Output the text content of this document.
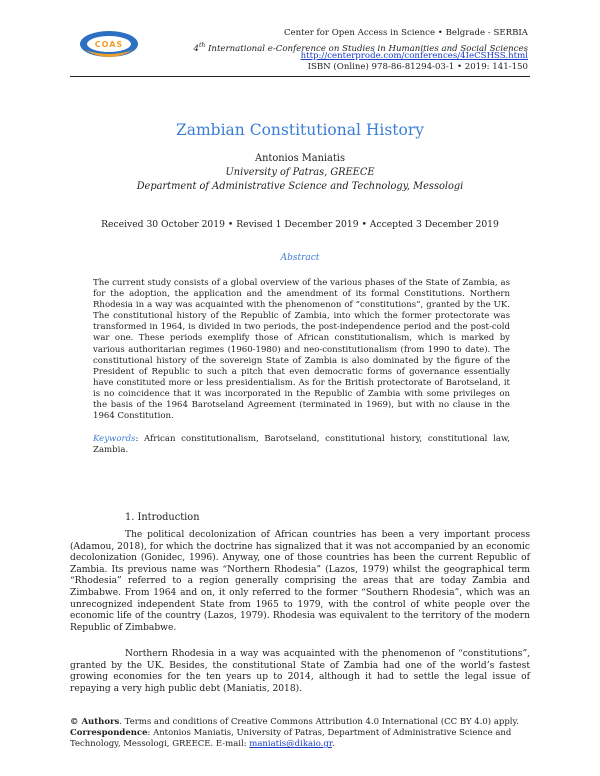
COAS
Center for Open Access in Science • Belgrade - SERBIA
4th International e-Conference on Studies in Humanities and Social Sciences
http://centerprode.com/conferences/4IeCSHSS.html
ISBN (Online) 978-86-81294-03-1 • 2019: 141-150
Zambian Constitutional History
Antonios Maniatis
University of Patras, GREECE
Department of Administrative Science and Technology, Messologi
Received 30 October 2019 • Revised 1 December 2019 • Accepted 3 December 2019
Abstract
The current study consists of a global overview of the various phases of the State of Zambia, as for the adoption, the application and the amendment of its formal Constitutions. Northern Rhodesia in a way was acquainted with the phenomenon of “constitutions”, granted by the UK. The constitutional history of the Republic of Zambia, into which the former protectorate was transformed in 1964, is divided in two periods, the post-independence period and the post-cold war one. These periods exemplify those of African constitutionalism, which is marked by various authoritarian regimes (1960-1980) and neo-constitutionalism (from 1990 to date). The constitutional history of the sovereign State of Zambia is also dominated by the figure of the President of Republic to such a pitch that even democratic forms of governance essentially have constituted more or less presidentialism. As for the British protectorate of Barotseland, it is no coincidence that it was incorporated in the Republic of Zambia with some privileges on the basis of the 1964 Barotseland Agreement (terminated in 1969), but with no clause in the 1964 Constitution.
Keywords: African constitutionalism, Barotseland, constitutional history, constitutional law, Zambia.
1. Introduction
The political decolonization of African countries has been a very important process (Adamou, 2018), for which the doctrine has signalized that it was not accompanied by an economic decolonization (Gonidec, 1996). Anyway, one of those countries has been the current Republic of Zambia. Its previous name was “Northern Rhodesia” (Lazos, 1979) whilst the geographical term “Rhodesia” referred to a region generally comprising the areas that are today Zambia and Zimbabwe. From 1964 and on, it only referred to the former “Southern Rhodesia”, which was an unrecognized independent State from 1965 to 1979, with the control of white people over the economic life of the country (Lazos, 1979). Rhodesia was equivalent to the territory of the modern Republic of Zimbabwe.
Northern Rhodesia in a way was acquainted with the phenomenon of “constitutions”, granted by the UK. Besides, the constitutional State of Zambia had one of the world’s fastest growing economies for the ten years up to 2014, although it had to settle the legal issue of repaying a very high public debt (Maniatis, 2018).
© Authors. Terms and conditions of Creative Commons Attribution 4.0 International (CC BY 4.0) apply.
Correspondence: Antonios Maniatis, University of Patras, Department of Administrative Science and Technology, Messologi, GREECE. E-mail: maniatis@dikaio.gr.
